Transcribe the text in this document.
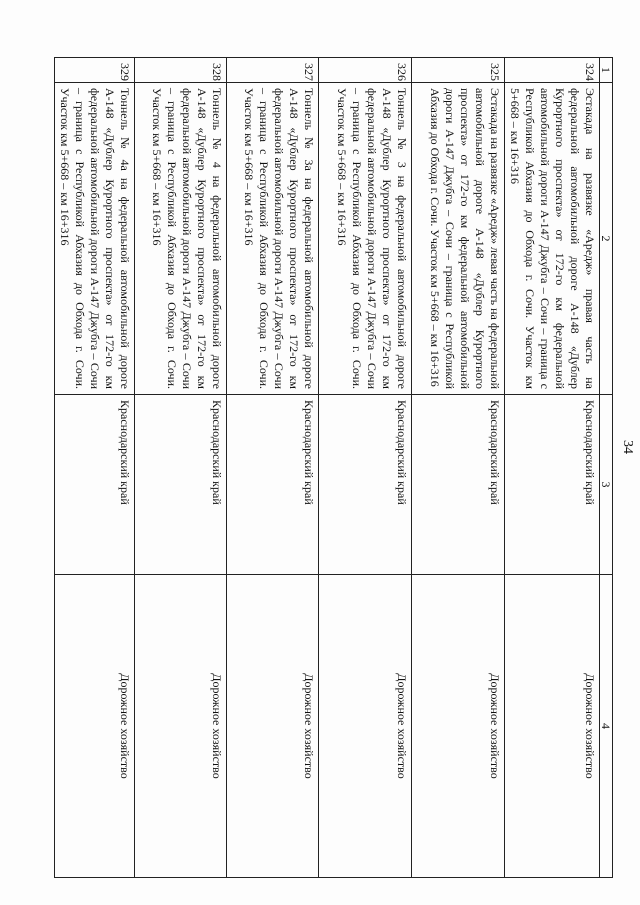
34
1	2	3	4
324	Эстакада на развязке «Аредж» правая часть на федеральной автомобильной дороге А-148 «Дублер Курортного проспекта» от 172-го км федеральной автомобильной дороги А-147 Джубга – Сочи – граница с Республикой Абхазия до Обхода г. Сочи. Участок км 5+668 – км 16+316	Краснодарский край	Дорожное хозяйство
325	Эстакада на развязке «Аредж» левая часть на федеральной автомобильной дороге А-148 «Дублер Курортного проспекта» от 172-го км федеральной автомобильной дороги А-147 Джубга – Сочи – граница с Республикой Абхазия до Обхода г. Сочи. Участок км 5+668 – км 16+316	Краснодарский край	Дорожное хозяйство
326	Тоннель № 3 на федеральной автомобильной дороге А-148 «Дублер Курортного проспекта» от 172-го км федеральной автомобильной дороги А-147 Джубга – Сочи – граница с Республикой Абхазия до Обхода г. Сочи. Участок км 5+668 – км 16+316	Краснодарский край	Дорожное хозяйство
327	Тоннель № 3а на федеральной автомобильной дороге А-148 «Дублер Курортного проспекта» от 172-го км федеральной автомобильной дороги А-147 Джубга – Сочи – граница с Республикой Абхазия до Обхода г. Сочи. Участок км 5+668 – км 16+316	Краснодарский край	Дорожное хозяйство
328	Тоннель № 4 на федеральной автомобильной дороге А-148 «Дублер Курортного проспекта» от 172-го км федеральной автомобильной дороги А-147 Джубга – Сочи – граница с Республикой Абхазия до Обхода г. Сочи. Участок км 5+668 – км 16+316	Краснодарский край	Дорожное хозяйство
329	Тоннель № 4а на федеральной автомобильной дороге А-148 «Дублер Курортного проспекта» от 172-го км федеральной автомобильной дороги А-147 Джубга – Сочи – граница с Республикой Абхазия до Обхода г. Сочи. Участок км 5+668 – км 16+316	Краснодарский край	Дорожное хозяйство
